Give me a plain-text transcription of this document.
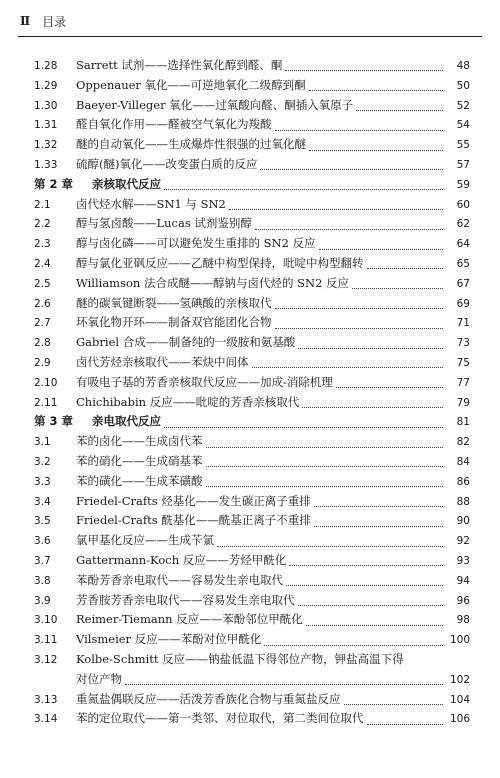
Ⅱ 目录
1.28	Sarrett 试剂——选择性氧化醇到醛、酮	48
1.29	Oppenauer 氧化——可逆地氧化二级醇到酮	50
1.30	Baeyer-Villeger 氧化——过氧酸向醛、酮插入氧原子	52
1.31	醛自氧化作用——醛被空气氧化为羧酸	54
1.32	醚的自动氧化——生成爆炸性很强的过氧化醚	55
1.33	硫醇(醚)氧化——改变蛋白质的反应	57
第 2 章	亲核取代反应	59
2.1	卤代烃水解——SN1 与 SN2	60
2.2	醇与氢卤酸——Lucas 试剂鉴别醇	62
2.3	醇与卤化磷——可以避免发生重排的 SN2 反应	64
2.4	醇与氯化亚砜反应——乙醚中构型保持，吡啶中构型翻转	65
2.5	Williamson 法合成醚——醇钠与卤代烃的 SN2 反应	67
2.6	醚的碳氧键断裂——氢碘酸的亲核取代	69
2.7	环氧化物开环——制备双官能团化合物	71
2.8	Gabriel 合成——制备纯的一级胺和氨基酸	73
2.9	卤代芳烃亲核取代——苯炔中间体	75
2.10	有吸电子基的芳香亲核取代反应——加成-消除机理	77
2.11	Chichibabin 反应——吡啶的芳香亲核取代	79
第 3 章	亲电取代反应	81
3.1	苯的卤化——生成卤代苯	82
3.2	苯的硝化——生成硝基苯	84
3.3	苯的磺化——生成苯磺酸	86
3.4	Friedel-Crafts 烃基化——发生碳正离子重排	88
3.5	Friedel-Crafts 酰基化——酰基正离子不重排	90
3.6	氯甲基化反应——生成苄氯	92
3.7	Gattermann-Koch 反应——芳烃甲酰化	93
3.8	苯酚芳香亲电取代——容易发生亲电取代	94
3.9	芳香胺芳香亲电取代——容易发生亲电取代	96
3.10	Reimer-Tiemann 反应——苯酚邻位甲酰化	98
3.11	Vilsmeier 反应——苯酚对位甲酰化	100
3.12	Kolbe-Schmitt 反应——钠盐低温下得邻位产物，钾盐高温下得
对位产物	102
3.13	重氮盐偶联反应——活泼芳香族化合物与重氮盐反应	104
3.14	苯的定位取代——第一类邻、对位取代，第二类间位取代	106
